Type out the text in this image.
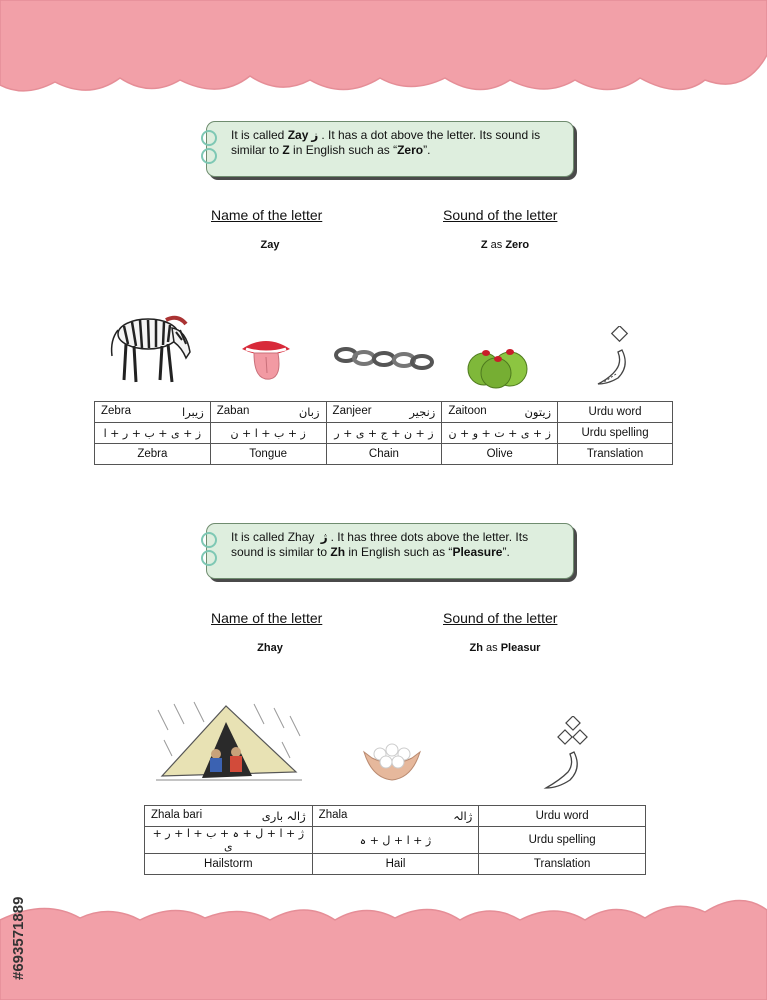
It is called Zay ز . It has a dot above the letter. Its sound is similar to Z in English such as “Zero”.
Name of the letter	Sound of the letter
Zay	Z as Zero
Zebra زیبرا	Zaban زبان	Zanjeer زنجیر	Zaitoon زیتون	Urdu word

ز + ی + ب + ر + ا	ز + ب + ا + ن	ز + ن + ج + ی + ر	ز + ی + ت + و + ن	Urdu spelling
Zebra	Tongue	Chain	Olive	Translation
It is called Zhay ژ . It has three dots above the letter. Its sound is similar to Zh in English such as “Pleasure”.
Name of the letter	Sound of the letter
Zhay	Zh as Pleasur
Zhala bari ژالہ باری	Zhala ژالہ	Urdu word

ژ + ا + ل + ہ + ب + ا + ر + ی	ژ + ا + ل + ہ	Urdu spelling
Hailstorm	Hail	Translation
#693571889
